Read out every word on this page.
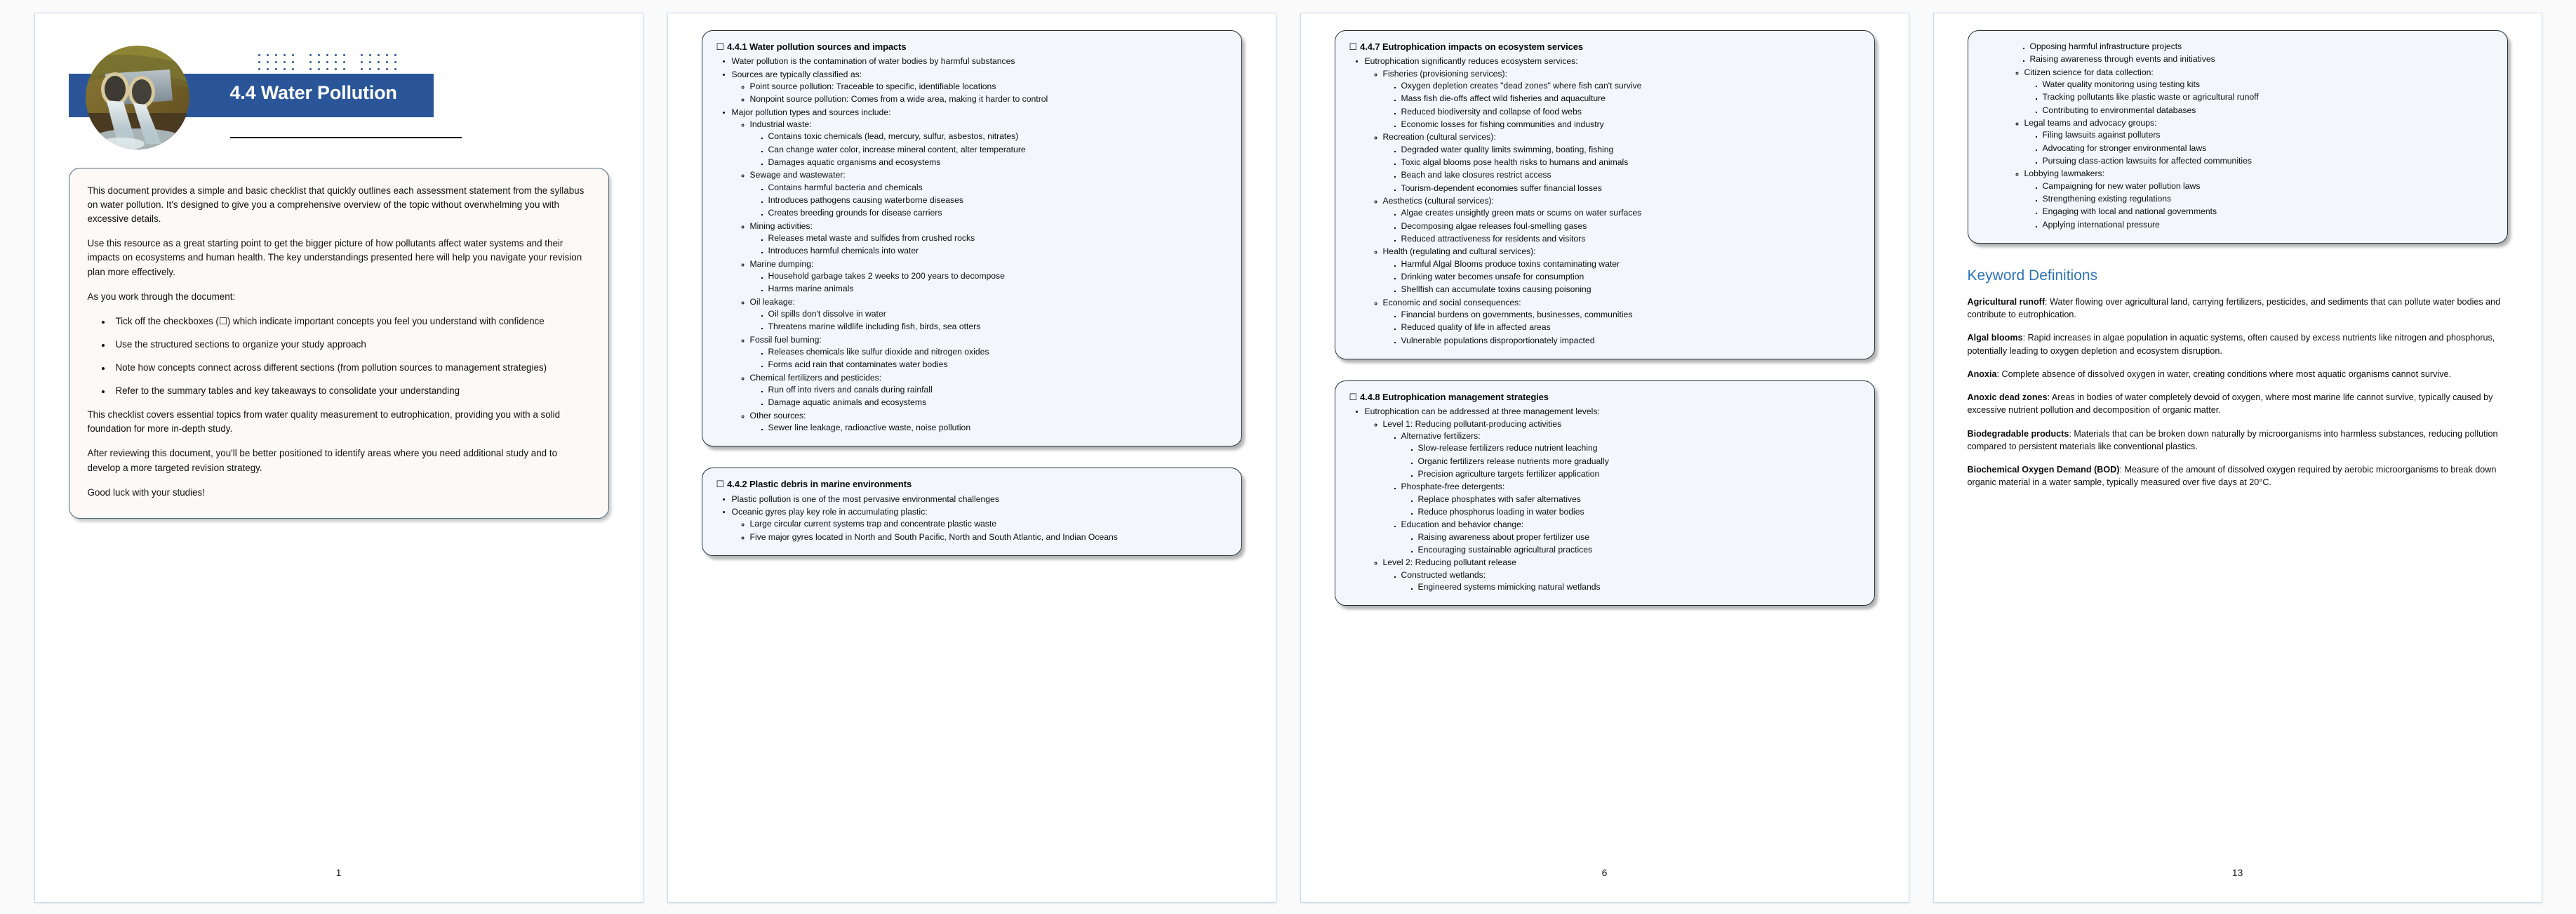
4.4 Water Pollution

This document provides a simple and basic checklist that quickly outlines each assessment statement from the syllabus on water pollution. It's designed to give you a comprehensive overview of the topic without overwhelming you with excessive details.

Use this resource as a great starting point to get the bigger picture of how pollutants affect water systems and their impacts on ecosystems and human health. The key understandings presented here will help you navigate your revision plan more effectively.

As you work through the document:

• Tick off the checkboxes (☐) which indicate important concepts you feel you understand with confidence
• Use the structured sections to organize your study approach
• Note how concepts connect across different sections (from pollution sources to management strategies)
• Refer to the summary tables and key takeaways to consolidate your understanding

This checklist covers essential topics from water quality measurement to eutrophication, providing you with a solid foundation for more in-depth study.

After reviewing this document, you'll be better positioned to identify areas where you need additional study and to develop a more targeted revision strategy.

Good luck with your studies!

1
☐ 4.4.1 Water pollution sources and impacts
• Water pollution is the contamination of water bodies by harmful substances
• Sources are typically classified as:
◦ Point source pollution: Traceable to specific, identifiable locations
◦ Nonpoint source pollution: Comes from a wide area, making it harder to control
• Major pollution types and sources include:
◦ Industrial waste:
▪ Contains toxic chemicals (lead, mercury, sulfur, asbestos, nitrates)
▪ Can change water color, increase mineral content, alter temperature
▪ Damages aquatic organisms and ecosystems
◦ Sewage and wastewater:
▪ Contains harmful bacteria and chemicals
▪ Introduces pathogens causing waterborne diseases
▪ Creates breeding grounds for disease carriers
◦ Mining activities:
▪ Releases metal waste and sulfides from crushed rocks
▪ Introduces harmful chemicals into water
◦ Marine dumping:
▪ Household garbage takes 2 weeks to 200 years to decompose
▪ Harms marine animals
◦ Oil leakage:
▪ Oil spills don't dissolve in water
▪ Threatens marine wildlife including fish, birds, sea otters
◦ Fossil fuel burning:
▪ Releases chemicals like sulfur dioxide and nitrogen oxides
▪ Forms acid rain that contaminates water bodies
◦ Chemical fertilizers and pesticides:
▪ Run off into rivers and canals during rainfall
▪ Damage aquatic animals and ecosystems
◦ Other sources:
▪ Sewer line leakage, radioactive waste, noise pollution
☐ 4.4.2 Plastic debris in marine environments
• Plastic pollution is one of the most pervasive environmental challenges
• Oceanic gyres play key role in accumulating plastic:
◦ Large circular current systems trap and concentrate plastic waste
◦ Five major gyres located in North and South Pacific, North and South Atlantic, and Indian Oceans
☐ 4.4.7 Eutrophication impacts on ecosystem services
• Eutrophication significantly reduces ecosystem services:
◦ Fisheries (provisioning services):
▪ Oxygen depletion creates "dead zones" where fish can't survive
▪ Mass fish die-offs affect wild fisheries and aquaculture
▪ Reduced biodiversity and collapse of food webs
▪ Economic losses for fishing communities and industry
◦ Recreation (cultural services):
▪ Degraded water quality limits swimming, boating, fishing
▪ Toxic algal blooms pose health risks to humans and animals
▪ Beach and lake closures restrict access
▪ Tourism-dependent economies suffer financial losses
◦ Aesthetics (cultural services):
▪ Algae creates unsightly green mats or scums on water surfaces
▪ Decomposing algae releases foul-smelling gases
▪ Reduced attractiveness for residents and visitors
◦ Health (regulating and cultural services):
▪ Harmful Algal Blooms produce toxins contaminating water
▪ Drinking water becomes unsafe for consumption
▪ Shellfish can accumulate toxins causing poisoning
◦ Economic and social consequences:
▪ Financial burdens on governments, businesses, communities
▪ Reduced quality of life in affected areas
▪ Vulnerable populations disproportionately impacted
☐ 4.4.8 Eutrophication management strategies
• Eutrophication can be addressed at three management levels:
◦ Level 1: Reducing pollutant-producing activities
▪ Alternative fertilizers:
▪ Slow-release fertilizers reduce nutrient leaching
▪ Organic fertilizers release nutrients more gradually
▪ Precision agriculture targets fertilizer application
▪ Phosphate-free detergents:
▪ Replace phosphates with safer alternatives
▪ Reduce phosphorus loading in water bodies
▪ Education and behavior change:
▪ Raising awareness about proper fertilizer use
▪ Encouraging sustainable agricultural practices
◦ Level 2: Reducing pollutant release
▪ Constructed wetlands:
▪ Engineered systems mimicking natural wetlands
6
▪ Opposing harmful infrastructure projects
▪ Raising awareness through events and initiatives
◦ Citizen science for data collection:
▪ Water quality monitoring using testing kits
▪ Tracking pollutants like plastic waste or agricultural runoff
▪ Contributing to environmental databases
◦ Legal teams and advocacy groups:
▪ Filing lawsuits against polluters
▪ Advocating for stronger environmental laws
▪ Pursuing class-action lawsuits for affected communities
◦ Lobbying lawmakers:
▪ Campaigning for new water pollution laws
▪ Strengthening existing regulations
▪ Engaging with local and national governments
▪ Applying international pressure
Keyword Definitions

Agricultural runoff: Water flowing over agricultural land, carrying fertilizers, pesticides, and sediments that can pollute water bodies and contribute to eutrophication.

Algal blooms: Rapid increases in algae population in aquatic systems, often caused by excess nutrients like nitrogen and phosphorus, potentially leading to oxygen depletion and ecosystem disruption.

Anoxia: Complete absence of dissolved oxygen in water, creating conditions where most aquatic organisms cannot survive.

Anoxic dead zones: Areas in bodies of water completely devoid of oxygen, where most marine life cannot survive, typically caused by excessive nutrient pollution and decomposition of organic matter.

Biodegradable products: Materials that can be broken down naturally by microorganisms into harmless substances, reducing pollution compared to persistent materials like conventional plastics.

Biochemical Oxygen Demand (BOD): Measure of the amount of dissolved oxygen required by aerobic microorganisms to break down organic material in a water sample, typically measured over five days at 20°C.

13
